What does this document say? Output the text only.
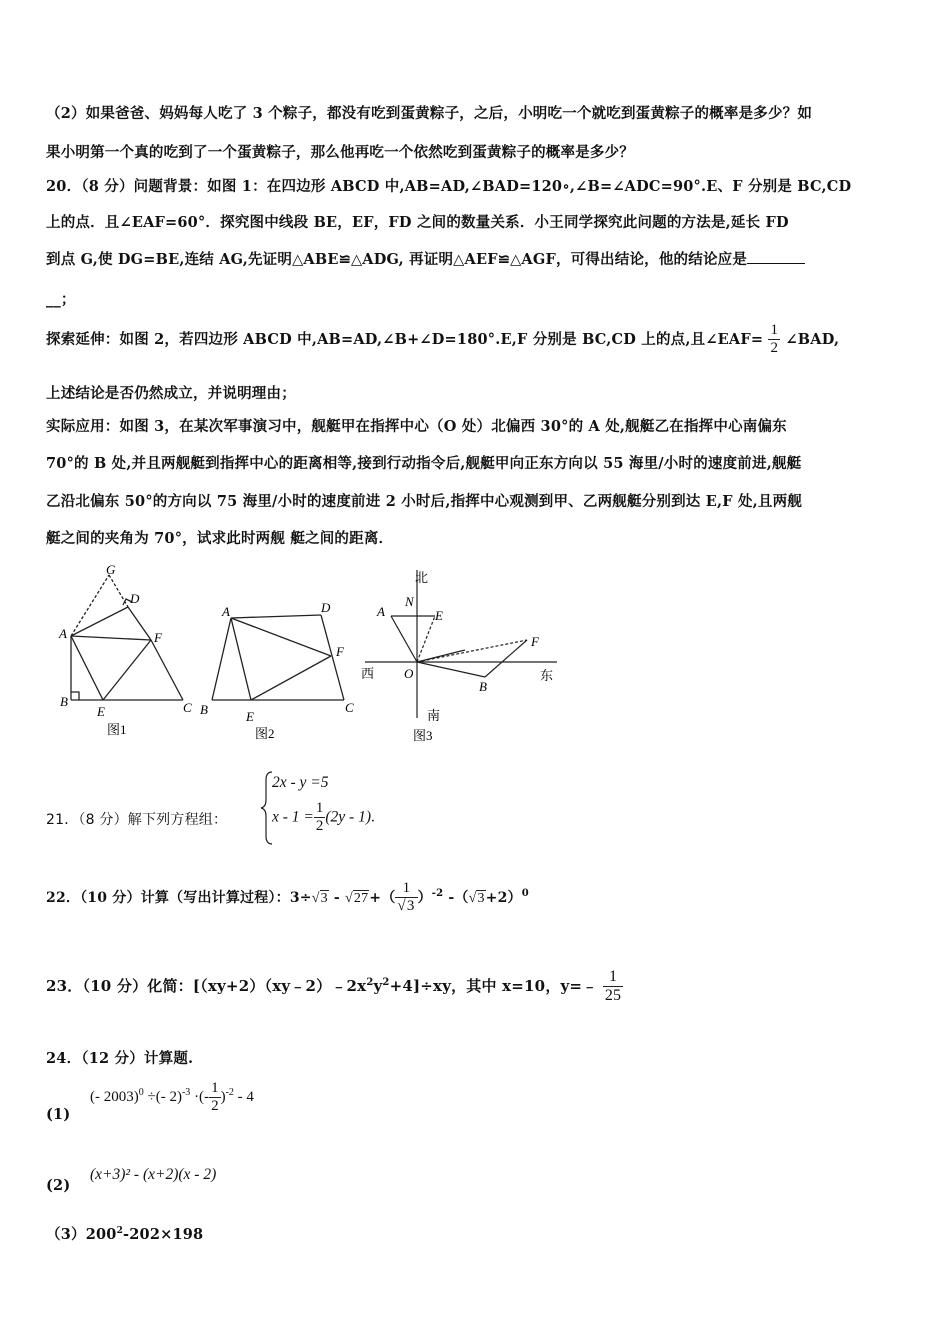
（2）如果爸爸、妈妈每人吃了 3 个粽子，都没有吃到蛋黄粽子，之后，小明吃一个就吃到蛋黄粽子的概率是多少？如
果小明第一个真的吃到了一个蛋黄粽子，那么他再吃一个依然吃到蛋黄粽子的概率是多少？
20．（8 分）问题背景：如图 1：在四边形 ABCD 中,AB=AD,∠BAD=120∘,∠B=∠ADC=90°.E、F 分别是 BC,CD
上的点．且∠EAF=60°．探究图中线段 BE，EF，FD 之间的数量关系．小王同学探究此问题的方法是,延长 FD
到点 G,使 DG=BE,连结 AG,先证明△ABE≌△ADG, 再证明△AEF≌△AGF，可得出结论，他的结论应是
__；
探索延伸：如图 2，若四边形 ABCD 中,AB=AD,∠B+∠D=180°.E,F 分别是 BC,CD 上的点,且∠EAF= $\frac{1}{2}$ ∠BAD,
上述结论是否仍然成立，并说明理由；
实际应用：如图 3，在某次军事演习中，舰艇甲在指挥中心（O 处）北偏西 30°的 A 处,舰艇乙在指挥中心南偏东
70°的 B 处,并且两舰艇到指挥中心的距离相等,接到行动指令后,舰艇甲向正东方向以 55 海里/小时的速度前进,舰艇
乙沿北偏东 50°的方向以 75 海里/小时的速度前进 2 小时后,指挥中心观测到甲、乙两舰艇分别到达 E,F 处,且两舰
艇之间的夹角为 70°，试求此时两舰 艇之间的距离．
G
D
A	F
B
E	C
图1
A	D
F
B	E
C
图2
北
N
E
A
F
西 O	东
B
南
图3
21．（8 分）解下列方程组：
2x - y =5
$x - 1 = \frac{1}{2} (2y - 1)$.
22．（10 分）计算（写出计算过程）：$3\div√3 - √27+( \frac{1}{√3} )^{-2}$ $-(√3+2)^0$
23．（10 分）化简：$[(xy+2)(xy﹣2)﹣2x^2y^2+4]\div xy$，其中 x=10，y=﹣ $\frac{1}{25}$
24．（12 分）计算题.
(1)
(- 2003)$^0$ ÷(- 2)$^{-3}$ ·(- $\frac{1}{2} )^{-2} - 4$
(2)
(x+3)² - (x+2)(x - 2)
$(3)200^2-202\times 198$
